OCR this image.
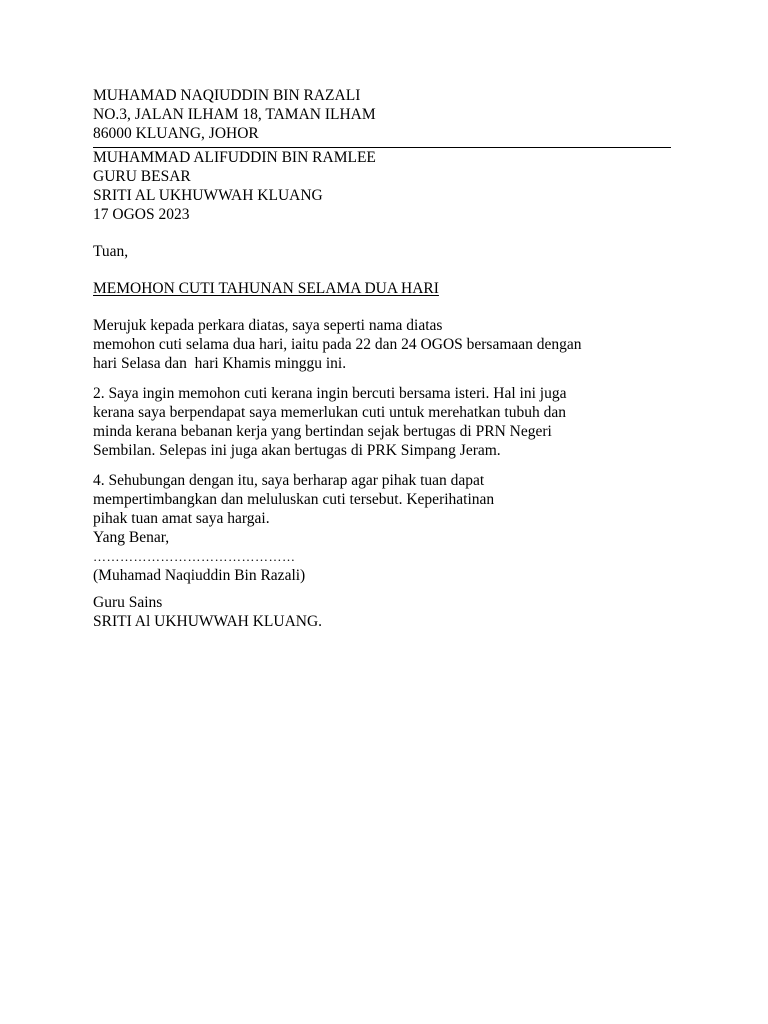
MUHAMAD NAQIUDDIN BIN RAZALI
NO.3, JALAN ILHAM 18, TAMAN ILHAM
86000 KLUANG, JOHOR
MUHAMMAD ALIFUDDIN BIN RAMLEE
GURU BESAR
SRITI AL UKHUWWAH KLUANG
17 OGOS 2023
Tuan,
MEMOHON CUTI TAHUNAN SELAMA DUA HARI
Merujuk kepada perkara diatas, saya seperti nama diatas
memohon cuti selama dua hari, iaitu pada 22 dan 24 OGOS bersamaan dengan
hari Selasa dan  hari Khamis minggu ini.
2. Saya ingin memohon cuti kerana ingin bercuti bersama isteri. Hal ini juga
kerana saya berpendapat saya memerlukan cuti untuk merehatkan tubuh dan
minda kerana bebanan kerja yang bertindan sejak bertugas di PRN Negeri
Sembilan. Selepas ini juga akan bertugas di PRK Simpang Jeram.
4. Sehubungan dengan itu, saya berharap agar pihak tuan dapat
mempertimbangkan dan meluluskan cuti tersebut. Keperihatinan
pihak tuan amat saya hargai.
Yang Benar,
………………………………………
(Muhamad Naqiuddin Bin Razali)
Guru Sains
SRITI Al UKHUWWAH KLUANG.
